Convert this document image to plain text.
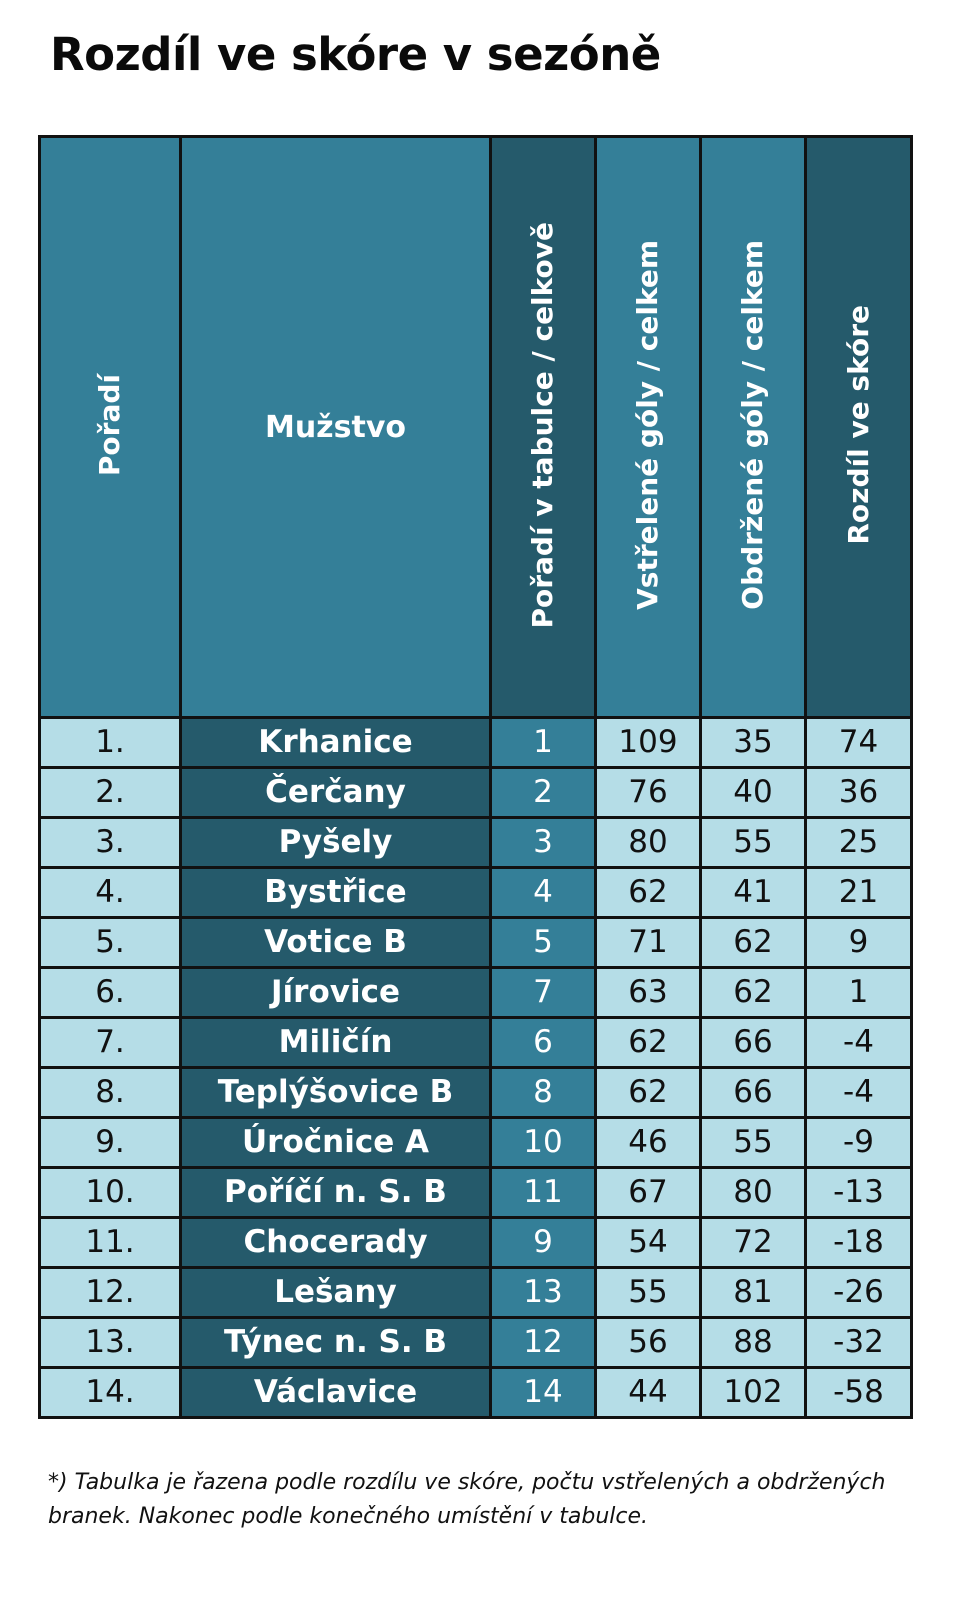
Rozdíl ve skóre v sezóně
Pořadí	Mužstvo	Pořadí v tabulce / celkově	Vstřelené góly / celkem	Obdržené góly / celkem	Rozdíl ve skóre
1.	Krhanice	1	109	35	74
2.	Čerčany	2	76	40	36
3.	Pyšely	3	80	55	25
4.	Bystřice	4	62	41	21
5.	Votice B	5	71	62	9
6.	Jírovice	7	63	62	1
7.	Miličín	6	62	66	-4
8.	Teplýšovice B	8	62	66	-4
9.	Úročnice A	10	46	55	-9
10.	Poříčí n. S. B	11	67	80	-13
11.	Chocerady	9	54	72	-18
12.	Lešany	13	55	81	-26
13.	Týnec n. S. B	12	56	88	-32
14.	Václavice	14	44	102	-58

*) Tabulka je řazena podle rozdílu ve skóre, počtu vstřelených a obdržených branek. Nakonec podle konečného umístění v tabulce.
